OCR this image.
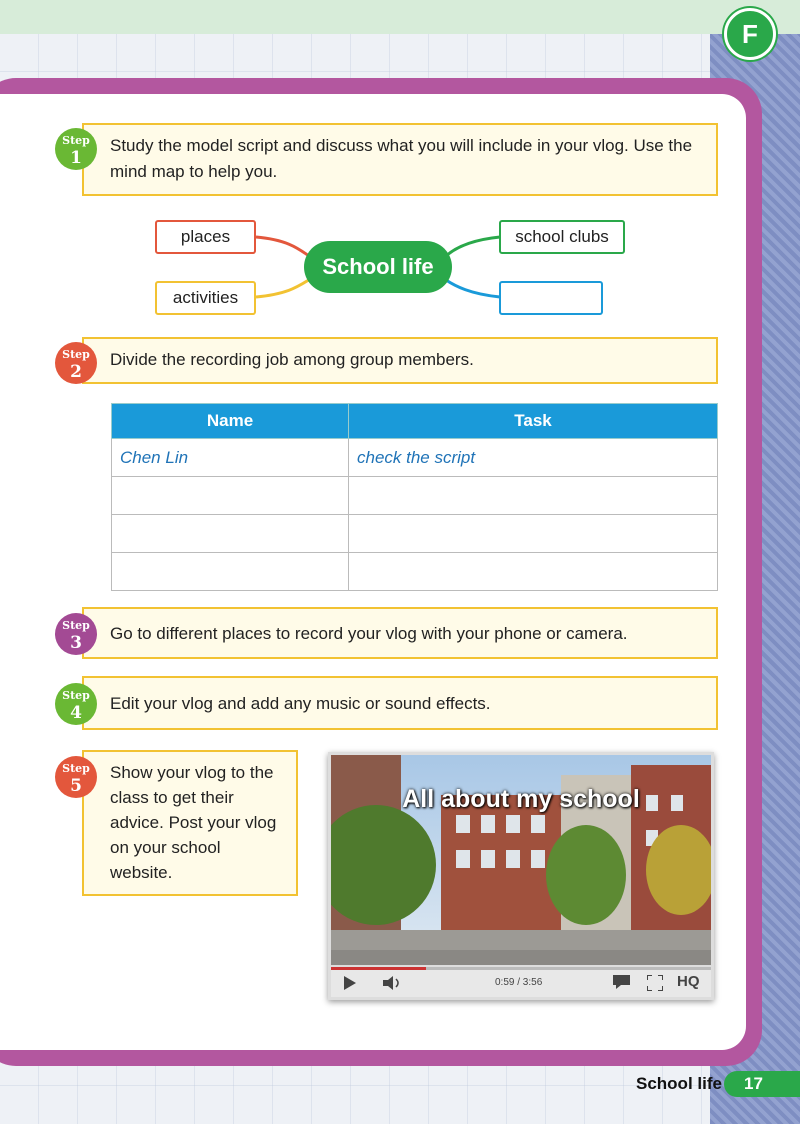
F
Step
1
Study the model script and discuss what you will include in your vlog. Use the mind map to help you.
places
activities
school clubs
School life
Step
2
Divide the recording job among group members.
Name	Task
Chen Lin	check the script

Step
3	Go to different places to record your vlog with your phone or camera.
Step
4	Edit your vlog and add any music or sound effects.
Step
5
Show your vlog to the class to get their advice. Post your vlog on your school website.
All about my school
0:59 / 3:56	HQ
School life	17
